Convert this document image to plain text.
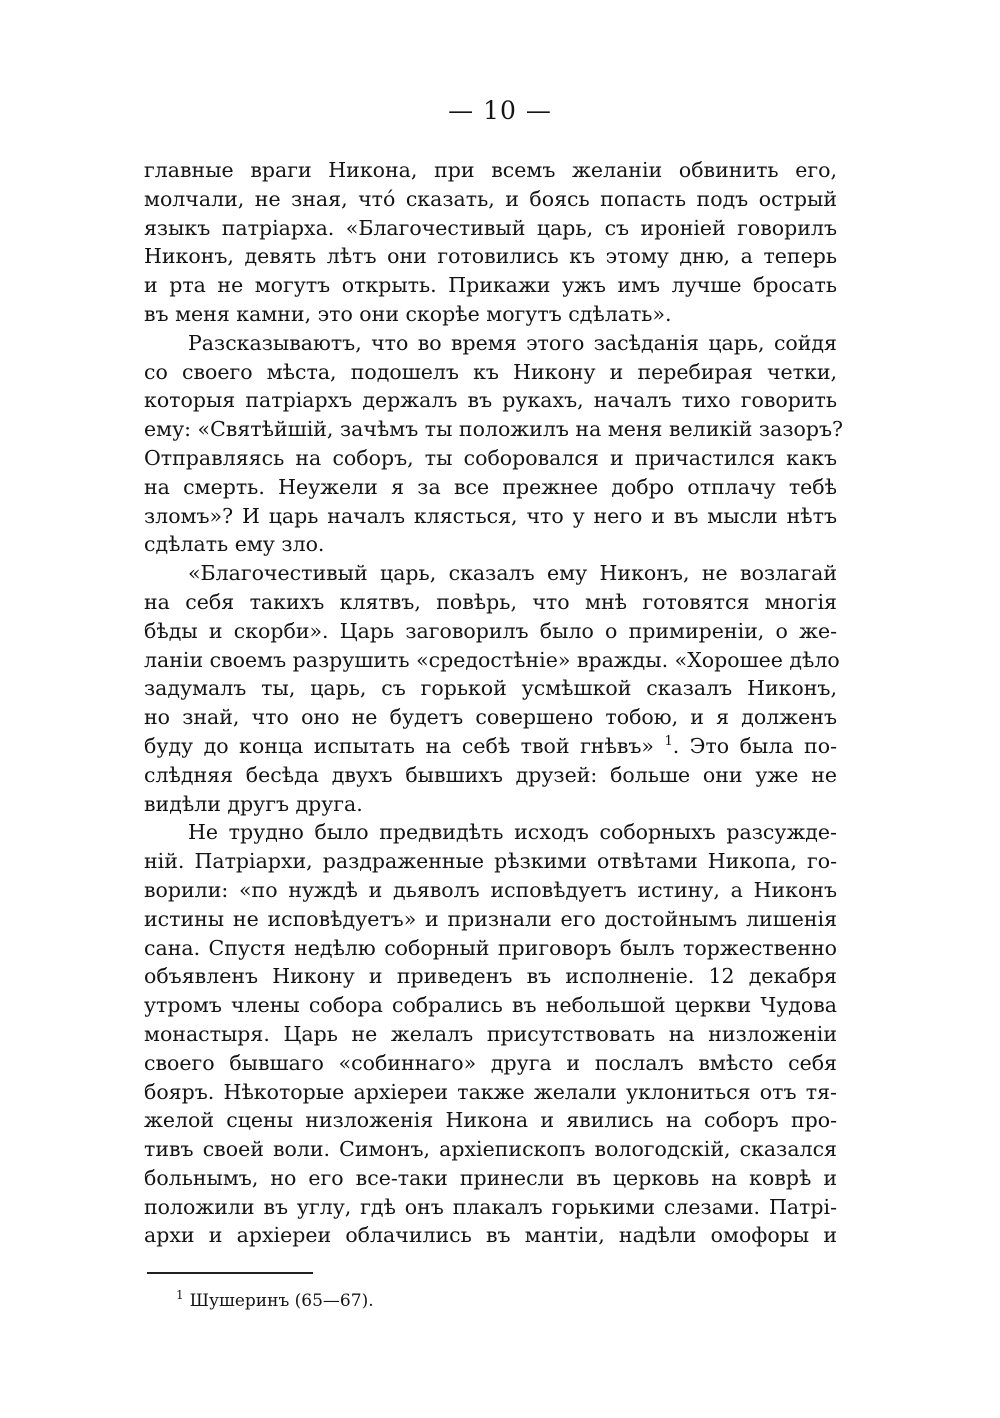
— 10 —
главные враги Никона, при всемъ желаніи обвинить его,
молчали, не зная, чтó сказать, и боясь попасть подъ острый
языкъ патріарха. «Благочестивый царь, съ ироніей говорилъ
Никонъ, девять лѣтъ они готовились къ этому дню, а теперь
и рта не могутъ открыть. Прикажи ужъ имъ лучше бросать
въ меня камни, это они скорѣе могутъ сдѣлать».
Разсказываютъ, что во время этого засѣданія царь, сойдя
со своего мѣста, подошелъ къ Никону и перебирая четки,
которыя патріархъ держалъ въ рукахъ, началъ тихо говорить
ему: «Святѣйшій, зачѣмъ ты положилъ на меня великій зазоръ?
Отправляясь на соборъ, ты соборовался и причастился какъ
на смерть. Неужели я за все прежнее добро отплачу тебѣ
зломъ»? И царь началъ клясться, что у него и въ мысли нѣтъ
сдѣлать ему зло.
«Благочестивый царь, сказалъ ему Никонъ, не возлагай
на себя такихъ клятвъ, повѣрь, что мнѣ готовятся многія
бѣды и скорби». Царь заговорилъ было о примиреніи, о же-
ланіи своемъ разрушить «средостѣніе» вражды. «Хорошее дѣло
задумалъ ты, царь, съ горькой усмѣшкой сказалъ Никонъ,
но знай, что оно не будетъ совершено тобою, и я долженъ
буду до конца испытать на себѣ твой гнѣвъ» $^1$. Это была по-
слѣдняя бесѣда двухъ бывшихъ друзей: больше они уже не
видѣли другъ друга.
Не трудно было предвидѣть исходъ соборныхъ разсужде-
ній. Патріархи, раздраженные рѣзкими отвѣтами Никопа, го-
ворили: «по нуждѣ и дьяволъ исповѣдуетъ истину, а Никонъ
истины не исповѣдуетъ» и признали его достойнымъ лишенія
сана. Спустя недѣлю соборный приговоръ былъ торжественно
объявленъ Никону и приведенъ въ исполненіе. 12 декабря
утромъ члены собора собрались въ небольшой церкви Чудова
монастыря. Царь не желалъ присутствовать на низложеніи
своего бывшаго «собиннаго» друга и послалъ вмѣсто себя
бояръ. Нѣкоторые архіереи также желали уклониться отъ тя-
желой сцены низложенія Никона и явились на соборъ про-
тивъ своей воли. Симонъ, архіепископъ вологодскій, сказался
больнымъ, но его все-таки принесли въ церковь на коврѣ и
положили въ углу, гдѣ онъ плакалъ горькими слезами. Патрі-
архи и архіереи облачились въ мантіи, надѣли омофоры и
$^1$ Шушеринъ (65—67).
